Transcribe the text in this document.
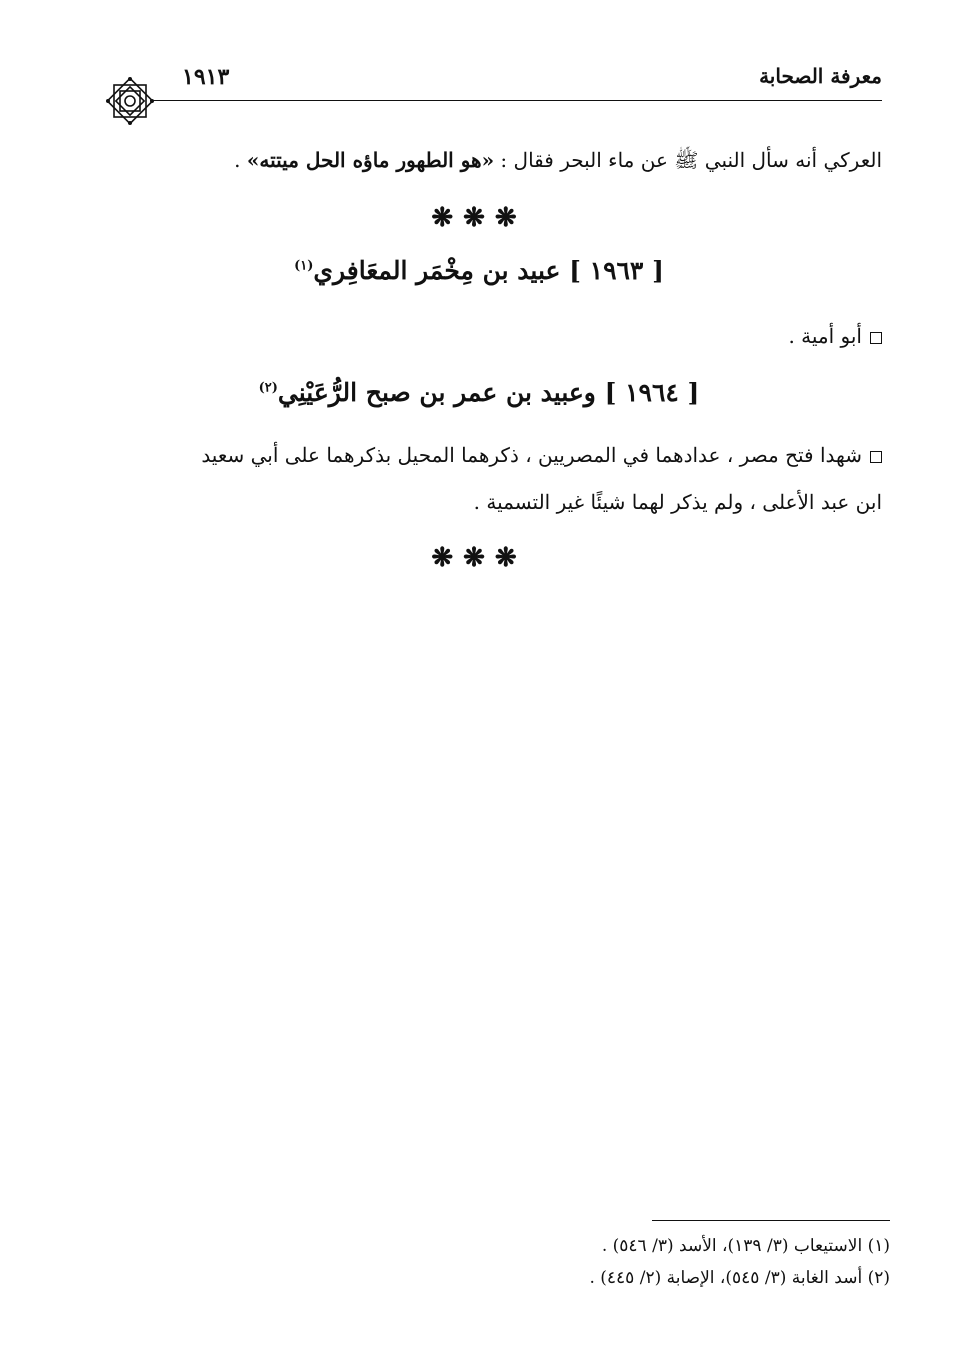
معرفة الصحابة
١٩١٣
العركي أنه سأل النبي ﷺ عن ماء البحر فقال : «هو الطهور ماؤه الحل ميتته» .
❋❋❋
[ ١٩٦٣ ] عبيد بن مِخْمَر المعَافِري$^{(١)}$
أبو أمية .
[ ١٩٦٤ ] وعبيد بن عمر بن صبح الرُّعَيْنِي$^{(٢)}$
شهدا فتح مصر ، عدادهما في المصريين ، ذكرهما المحيل بذكرهما على أبي سعيد
ابن عبد الأعلى ، ولم يذكر لهما شيئًا غير التسمية .
❋❋❋
(١) الاستيعاب (٣/ ١٣٩)، الأسد (٣/ ٥٤٦) .
(٢) أسد الغابة (٣/ ٥٤٥)، الإصابة (٢/ ٤٤٥) .
